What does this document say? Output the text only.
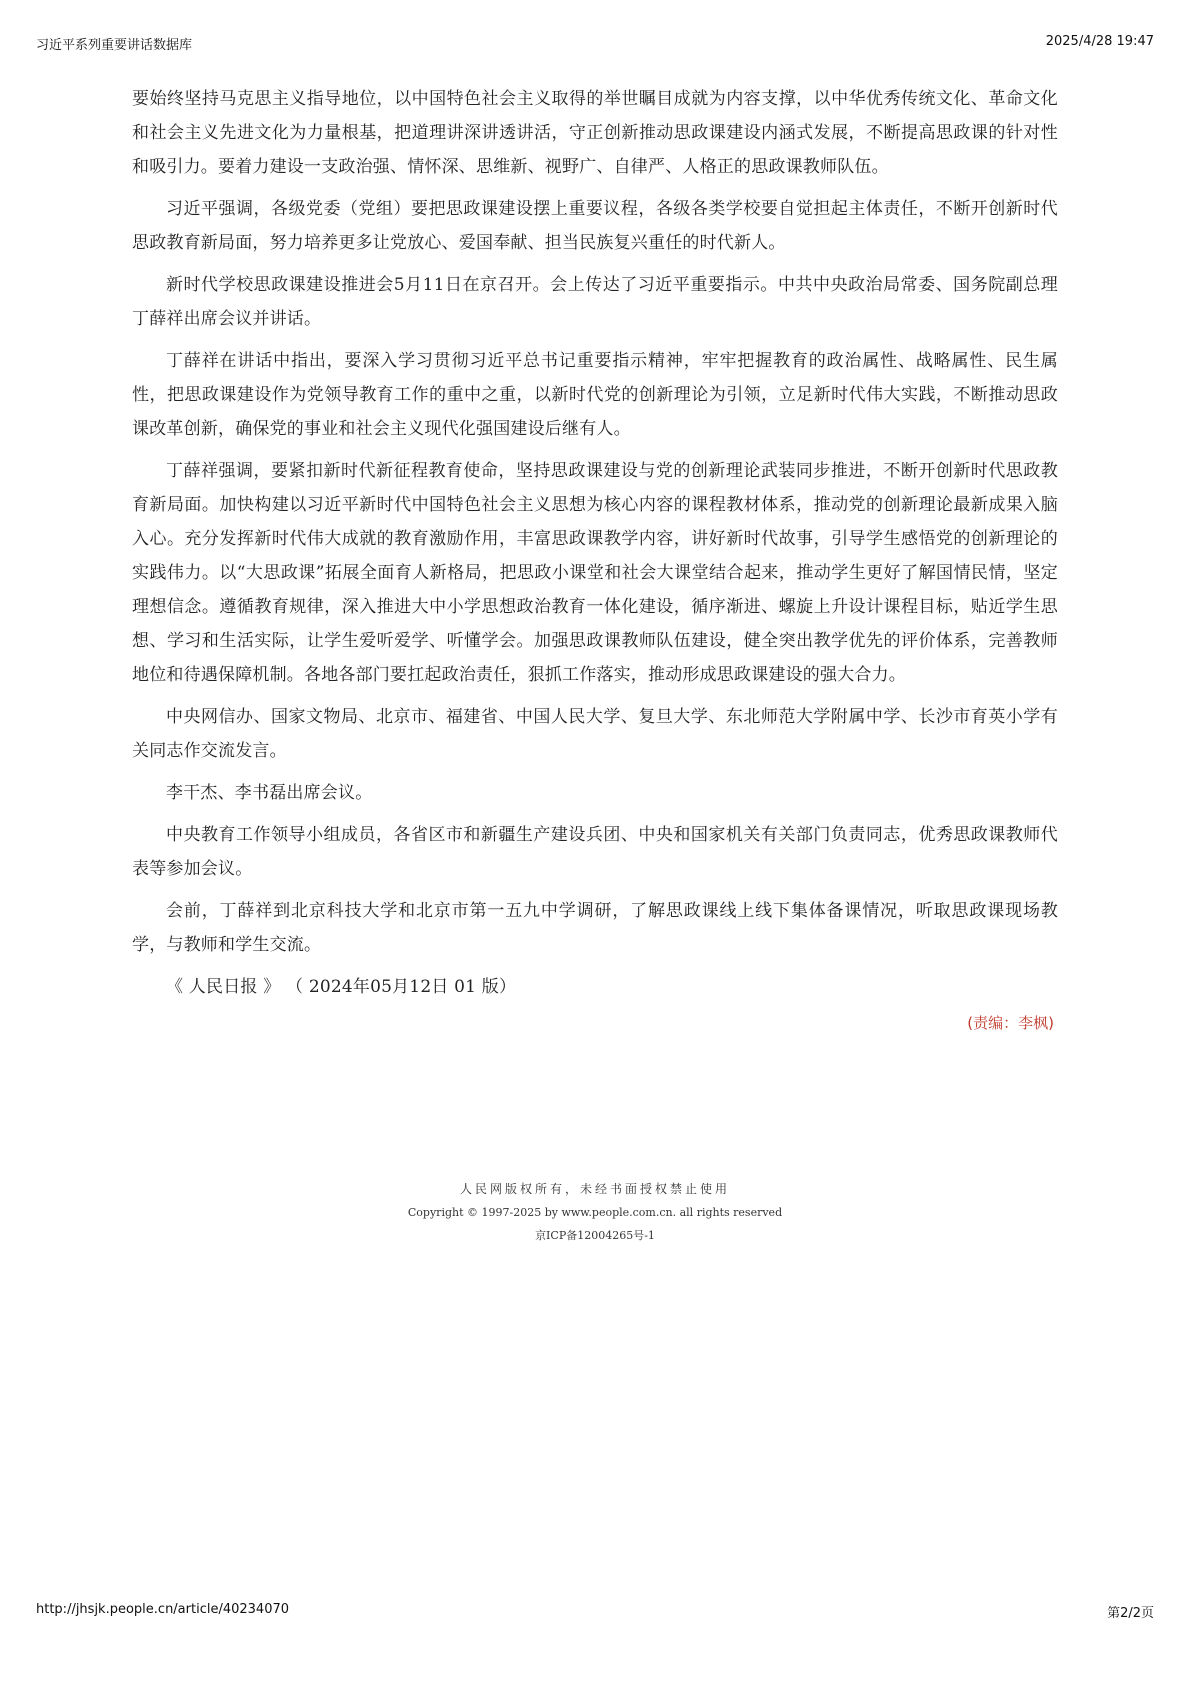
习近平系列重要讲话数据库	2025/4/28 19:47

要始终坚持马克思主义指导地位，以中国特色社会主义取得的举世瞩目成就为内容支撑，以中华优秀传统文化、革命文化和社会主义先进文化为力量根基，把道理讲深讲透讲活，守正创新推动思政课建设内涵式发展，不断提高思政课的针对性和吸引力。要着力建设一支政治强、情怀深、思维新、视野广、自律严、人格正的思政课教师队伍。

习近平强调，各级党委（党组）要把思政课建设摆上重要议程，各级各类学校要自觉担起主体责任，不断开创新时代思政教育新局面，努力培养更多让党放心、爱国奉献、担当民族复兴重任的时代新人。

新时代学校思政课建设推进会5月11日在京召开。会上传达了习近平重要指示。中共中央政治局常委、国务院副总理丁薛祥出席会议并讲话。

丁薛祥在讲话中指出，要深入学习贯彻习近平总书记重要指示精神，牢牢把握教育的政治属性、战略属性、民生属性，把思政课建设作为党领导教育工作的重中之重，以新时代党的创新理论为引领，立足新时代伟大实践，不断推动思政课改革创新，确保党的事业和社会主义现代化强国建设后继有人。

丁薛祥强调，要紧扣新时代新征程教育使命，坚持思政课建设与党的创新理论武装同步推进，不断开创新时代思政教育新局面。加快构建以习近平新时代中国特色社会主义思想为核心内容的课程教材体系，推动党的创新理论最新成果入脑入心。充分发挥新时代伟大成就的教育激励作用，丰富思政课教学内容，讲好新时代故事，引导学生感悟党的创新理论的实践伟力。以“大思政课”拓展全面育人新格局，把思政小课堂和社会大课堂结合起来，推动学生更好了解国情民情，坚定理想信念。遵循教育规律，深入推进大中小学思想政治教育一体化建设，循序渐进、螺旋上升设计课程目标，贴近学生思想、学习和生活实际，让学生爱听爱学、听懂学会。加强思政课教师队伍建设，健全突出教学优先的评价体系，完善教师地位和待遇保障机制。各地各部门要扛起政治责任，狠抓工作落实，推动形成思政课建设的强大合力。

中央网信办、国家文物局、北京市、福建省、中国人民大学、复旦大学、东北师范大学附属中学、长沙市育英小学有关同志作交流发言。

李干杰、李书磊出席会议。

中央教育工作领导小组成员，各省区市和新疆生产建设兵团、中央和国家机关有关部门负责同志，优秀思政课教师代表等参加会议。

会前，丁薛祥到北京科技大学和北京市第一五九中学调研，了解思政课线上线下集体备课情况，听取思政课现场教学，与教师和学生交流。

《 人民日报 》 （ 2024年05月12日 01 版）

(责编：李枫)
人民网版权所有，未经书面授权禁止使用
Copyright © 1997-2025 by www.people.com.cn. all rights reserved
京ICP备12004265号-1
http://jhsjk.people.cn/article/40234070	第2/2页
